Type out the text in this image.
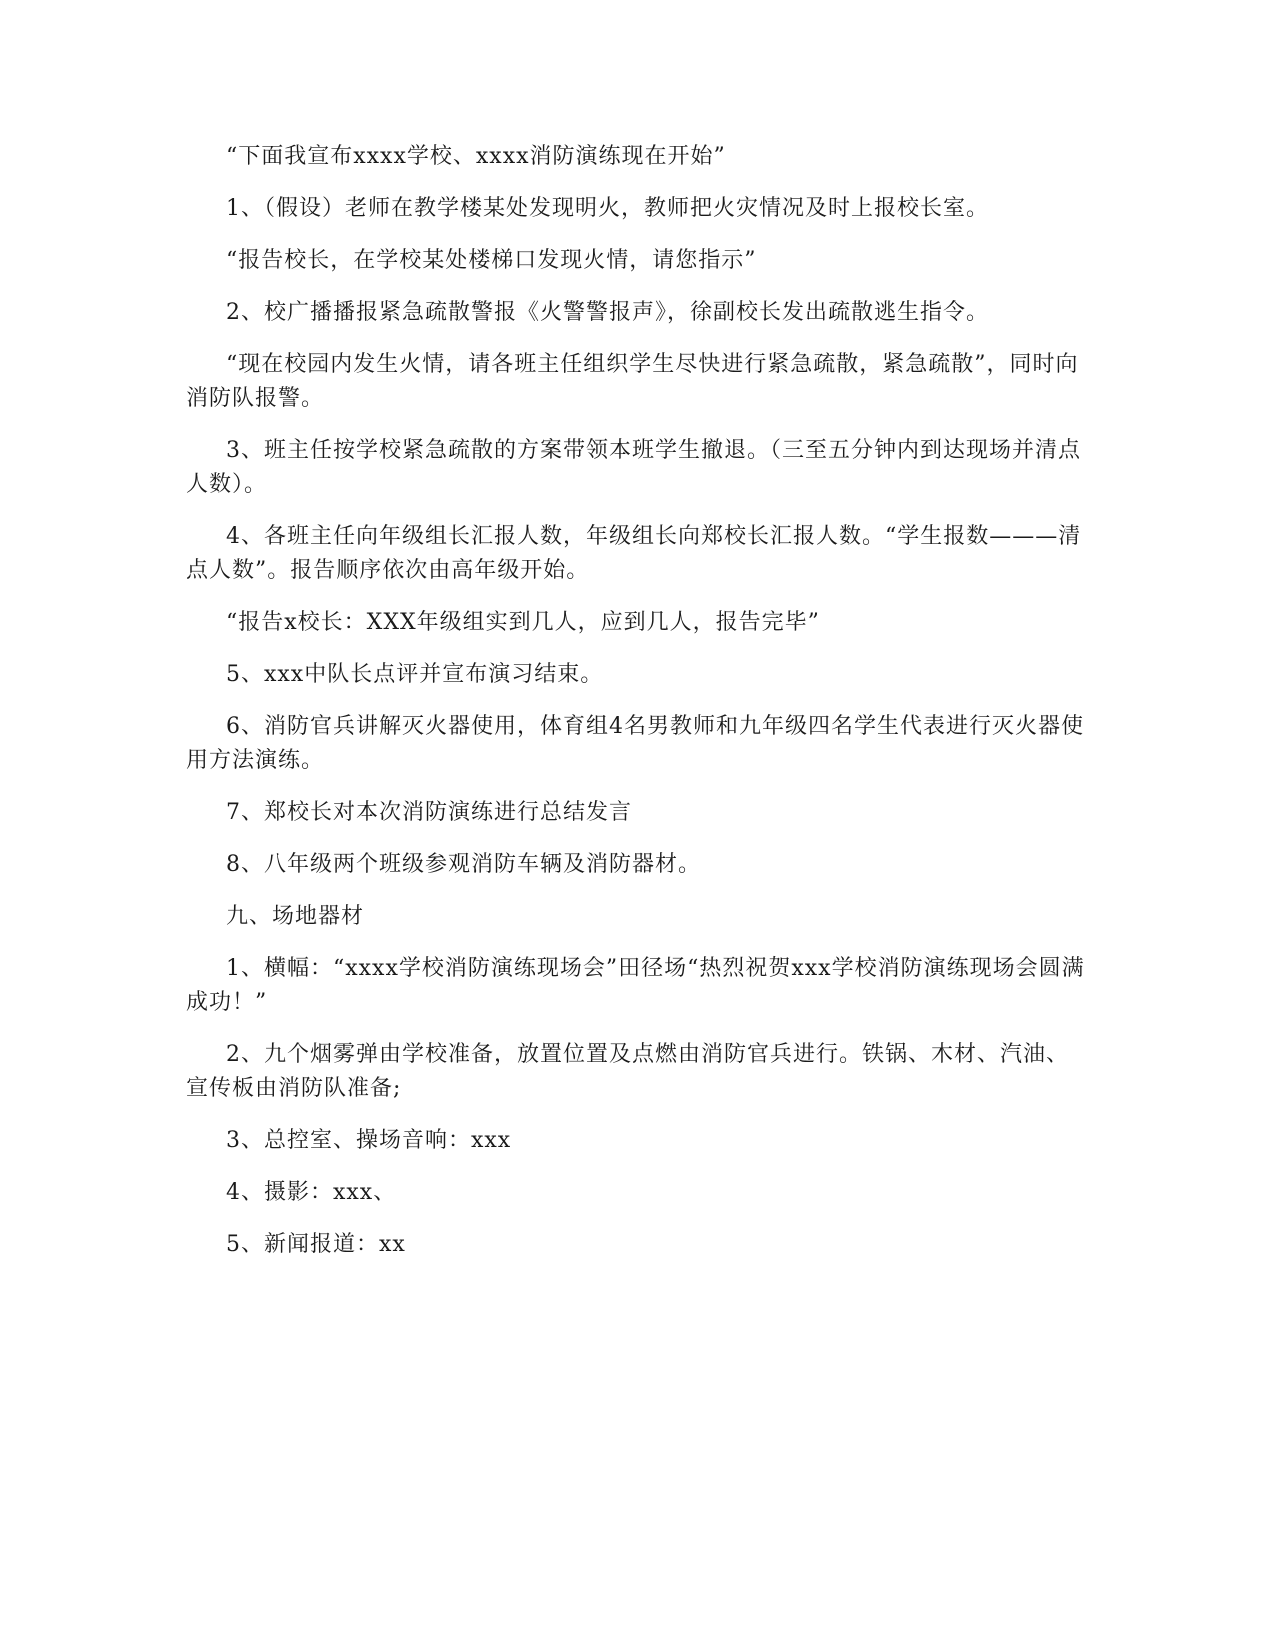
“下面我宣布xxxx学校、xxxx消防演练现在开始”

1、（假设）老师在教学楼某处发现明火，教师把火灾情况及时上报校长室。

“报告校长，在学校某处楼梯口发现火情，请您指示”

2、校广播播报紧急疏散警报《火警警报声》，徐副校长发出疏散逃生指令。

“现在校园内发生火情，请各班主任组织学生尽快进行紧急疏散，紧急疏散”，同时向消防队报警。

3、班主任按学校紧急疏散的方案带领本班学生撤退。（三至五分钟内到达现场并清点人数）。

4、各班主任向年级组长汇报人数，年级组长向郑校长汇报人数。“学生报数———清点人数”。报告顺序依次由高年级开始。

“报告x校长：XXX年级组实到几人，应到几人，报告完毕”

5、xxx中队长点评并宣布演习结束。

6、消防官兵讲解灭火器使用，体育组4名男教师和九年级四名学生代表进行灭火器使用方法演练。

7、郑校长对本次消防演练进行总结发言

8、八年级两个班级参观消防车辆及消防器材。

九、场地器材

1、横幅：“xxxx学校消防演练现场会”田径场“热烈祝贺xxx学校消防演练现场会圆满成功！”

2、九个烟雾弹由学校准备，放置位置及点燃由消防官兵进行。铁锅、木材、汽油、宣传板由消防队准备;

3、总控室、操场音响：xxx

4、摄影：xxx、

5、新闻报道：xx
